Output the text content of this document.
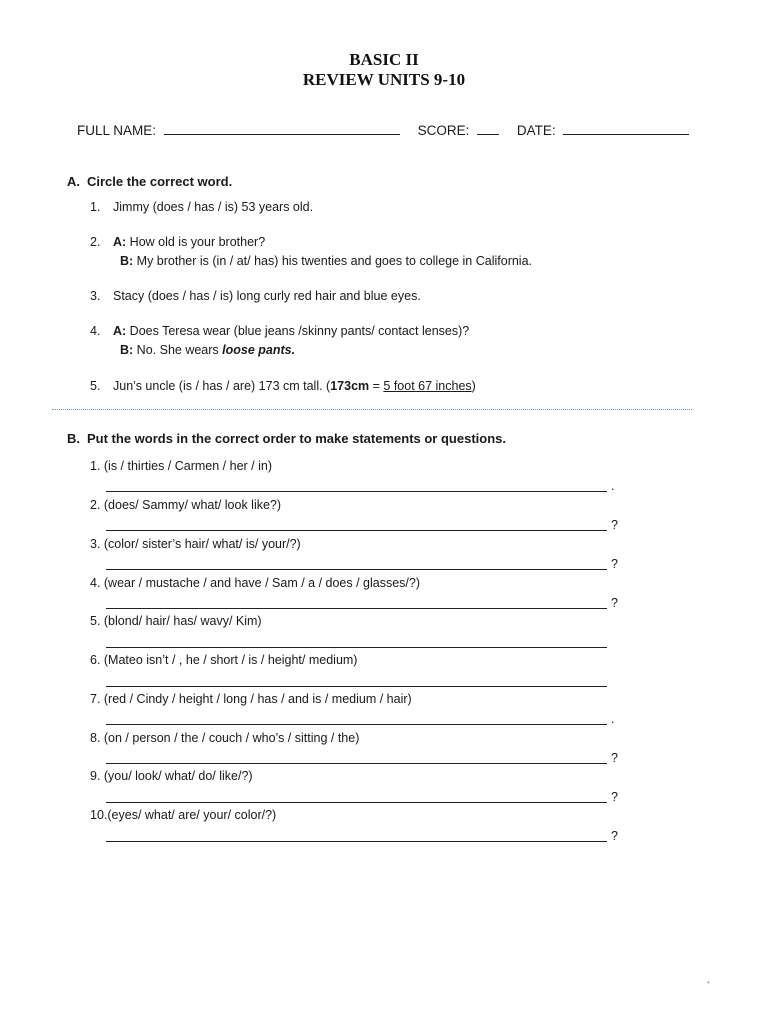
BASIC II
REVIEW UNITS 9-10
FULL NAME:	SCORE:	DATE:
A. Circle the correct word.
1. Jimmy (does / has / is) 53 years old.
2. A: How old is your brother?
B: My brother is (in / at/ has) his twenties and goes to college in California.
3. Stacy (does / has / is) long curly red hair and blue eyes.
4. A: Does Teresa wear (blue jeans /skinny pants/ contact lenses)?
B: No. She wears loose pants.
5. Jun’s uncle (is / has / are) 173 cm tall. (173cm = 5 foot 67 inches)
B. Put the words in the correct order to make statements or questions.
1. (is / thirties / Carmen / her / in)
.
2. (does/ Sammy/ what/ look like?)
?
3. (color/ sister’s hair/ what/ is/ your/?)
?
4. (wear / mustache / and have / Sam / a / does / glasses/?)
?
5. (blond/ hair/ has/ wavy/ Kim)
6. (Mateo isn’t / , he / short / is / height/ medium)
7. (red / Cindy / height / long / has / and is / medium / hair)
.
8. (on / person / the / couch / who’s / sitting / the)
?
9. (you/ look/ what/ do/ like/?)
?
10.(eyes/ what/ are/ your/ color/?)
?
•
